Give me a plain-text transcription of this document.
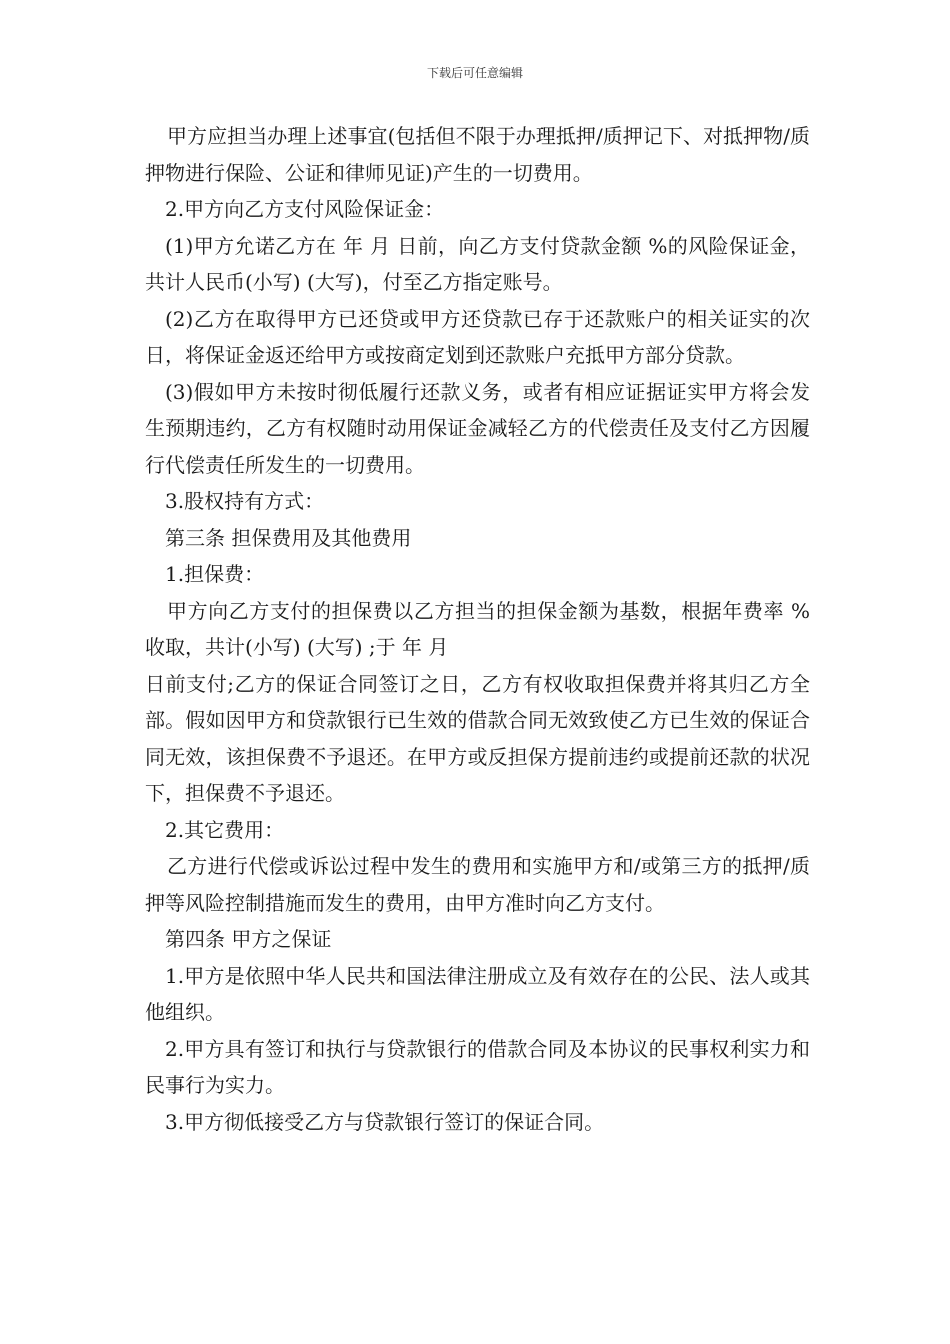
下载后可任意编辑

甲方应担当办理上述事宜(包括但不限于办理抵押/质押记下、对抵押物/质押物进行保险、公证和律师见证)产生的一切费用。

2.甲方向乙方支付风险保证金：

(1)甲方允诺乙方在 年 月 日前，向乙方支付贷款金额 %的风险保证金，共计人民币(小写) (大写)，付至乙方指定账号。

(2)乙方在取得甲方已还贷或甲方还贷款已存于还款账户的相关证实的次日，将保证金返还给甲方或按商定划到还款账户充抵甲方部分贷款。

(3)假如甲方未按时彻低履行还款义务，或者有相应证据证实甲方将会发生预期违约，乙方有权随时动用保证金减轻乙方的代偿责任及支付乙方因履行代偿责任所发生的一切费用。

3.股权持有方式：

第三条 担保费用及其他费用

1.担保费：

甲方向乙方支付的担保费以乙方担当的担保金额为基数，根据年费率 %收取，共计(小写) (大写) ;于 年 月

日前支付;乙方的保证合同签订之日，乙方有权收取担保费并将其归乙方全部。假如因甲方和贷款银行已生效的借款合同无效致使乙方已生效的保证合同无效，该担保费不予退还。在甲方或反担保方提前违约或提前还款的状况下，担保费不予退还。

2.其它费用：

乙方进行代偿或诉讼过程中发生的费用和实施甲方和/或第三方的抵押/质押等风险控制措施而发生的费用，由甲方准时向乙方支付。

第四条 甲方之保证

1.甲方是依照中华人民共和国法律注册成立及有效存在的公民、法人或其他组织。

2.甲方具有签订和执行与贷款银行的借款合同及本协议的民事权利实力和民事行为实力。

3.甲方彻低接受乙方与贷款银行签订的保证合同。
